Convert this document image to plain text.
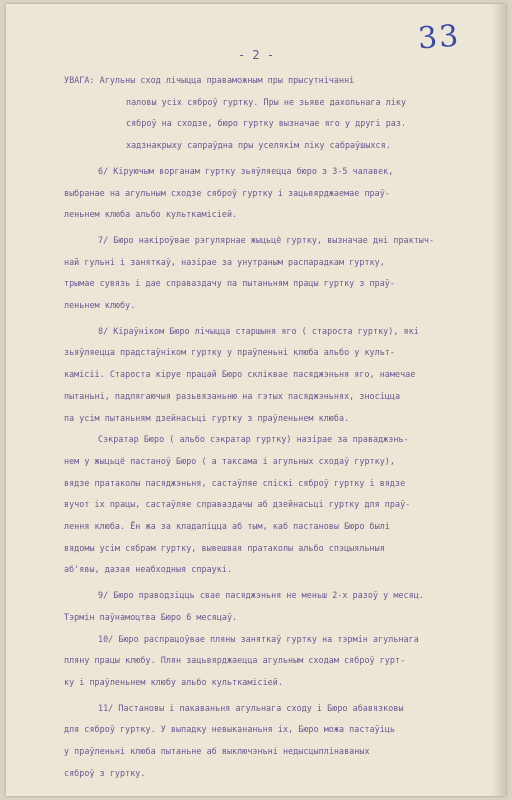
33
- 2 -
УВАГА: Агульны сход лічыцца праваможным пры прысутнічанні
паловы усіх сяброў гуртку. Пры не зьяве дахольнага ліку
сяброў на сходзе, бюро гуртку вызначае яго у другі раз.
хадзнакрыху сапраўдна пры уселякім ліку сабраўшыхся.
6/ Кіруючым ворганам гуртку зьяўляецца бюро з 3-5 чалавек,
выбранае на агульным сходзе сяброў гуртку і зацьвярджаемае праў-
леньнем клюба альбо культкамісіей.
7/ Бюро накіроўвае рэгулярнае жыцьцё гуртку, вызначае дні практыч-
най гульні і заняткаў, назірае за унутраным распарадкам гуртку,
трымае сувязь і дае справаздачу па пытаньням працы гуртку з праў-
леньнем клюбу.
8/ Кіраўніком Бюро лічыцца старшыня яго ( староста гуртку), які
зьяўляецца прадстаўніком гуртку у праўленьні клюба альбо у культ-
камісіі. Староста кіруе працай Бюро скліквае пасяджэньня яго, намечае
пытаньні, падлягаючыя разьвязаньню на гэтых пасяджэньнях, зносіцца
па усім пытаньням дзейнасьці гуртку з праўленьнем клюба.
Сэкратар Бюро ( альбо сэкратар гуртку) назірае за праваджэнь-
нем у жыцьцё пастаноў Бюро ( а таксама і агульных сходаў гуртку),
вядзе пратаколы пасяджэньня, састаўляе спіскі сяброў гуртку і вядзе
вучот іх працы, састаўляе справаздачы аб дзейнасьці гуртку для праў-
лення клюба. Ён жа за кладаліцца аб тым, каб пастановы Бюро былі
вядомы усім сябрам гуртку, вывешвая пратаколы альбо спэцыяльныя
аб'явы, дазая неабходныя спраукі.
9/ Бюро праводзіцць свае пасяджэньня не меньш 2-х разоў у месяц.
Тэрмін паўнамоцтва Бюро 6 месяцаў.
10/ Бюро распрацоўвае пляны заняткаў гуртку на тэрмін агульнага
пляну працы клюбу. Плян зацьвярджаецца агульным сходам сяброў гурт-
ку і праўленьнем клюбу альбо культкамісіей.
11/ Пастановы і пакаваньня агульнага сходу і Бюро абавязковы
для сяброў гуртку. У выпадку невыкананьня іх, Бюро можа пастаўіць
у праўленьні клюба пытаньне аб выключэньні недысцыплінаваных
сяброў з гуртку.
